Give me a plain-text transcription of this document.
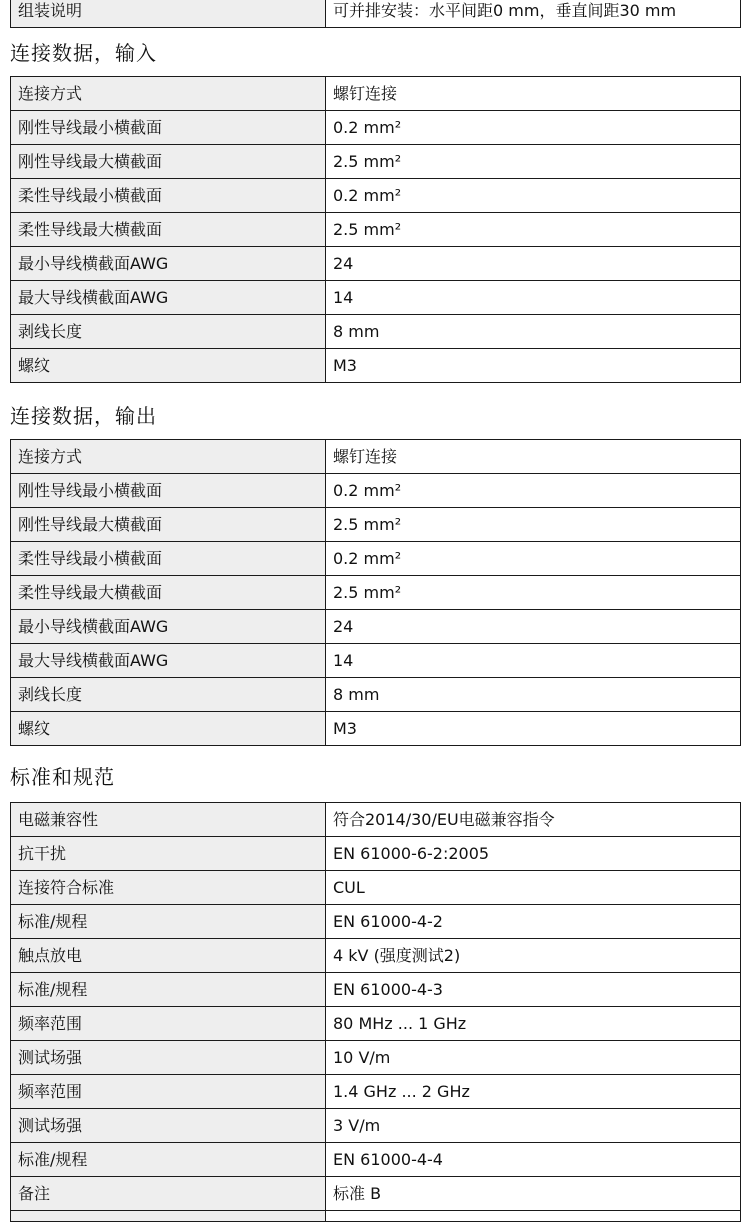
组装说明	可并排安装：水平间距0 mm，垂直间距30 mm
连接数据，输入
连接方式	螺钉连接
刚性导线最小横截面	0.2 mm²
刚性导线最大横截面	2.5 mm²
柔性导线最小横截面	0.2 mm²
柔性导线最大横截面	2.5 mm²
最小导线横截面AWG	24
最大导线横截面AWG	14
剥线长度	8 mm
螺纹	M3
连接数据，输出
连接方式	螺钉连接
刚性导线最小横截面	0.2 mm²
刚性导线最大横截面	2.5 mm²
柔性导线最小横截面	0.2 mm²
柔性导线最大横截面	2.5 mm²
最小导线横截面AWG	24
最大导线横截面AWG	14
剥线长度	8 mm
螺纹	M3
标准和规范
电磁兼容性	符合2014/30/EU电磁兼容指令
抗干扰	EN 61000-6-2:2005
连接符合标准	CUL
标准/规程	EN 61000-4-2
触点放电	4 kV (强度测试2)
标准/规程	EN 61000-4-3
频率范围	80 MHz ... 1 GHz
测试场强	10 V/m
频率范围	1.4 GHz ... 2 GHz
测试场强	3 V/m
标准/规程	EN 61000-4-4
备注	标准 B
